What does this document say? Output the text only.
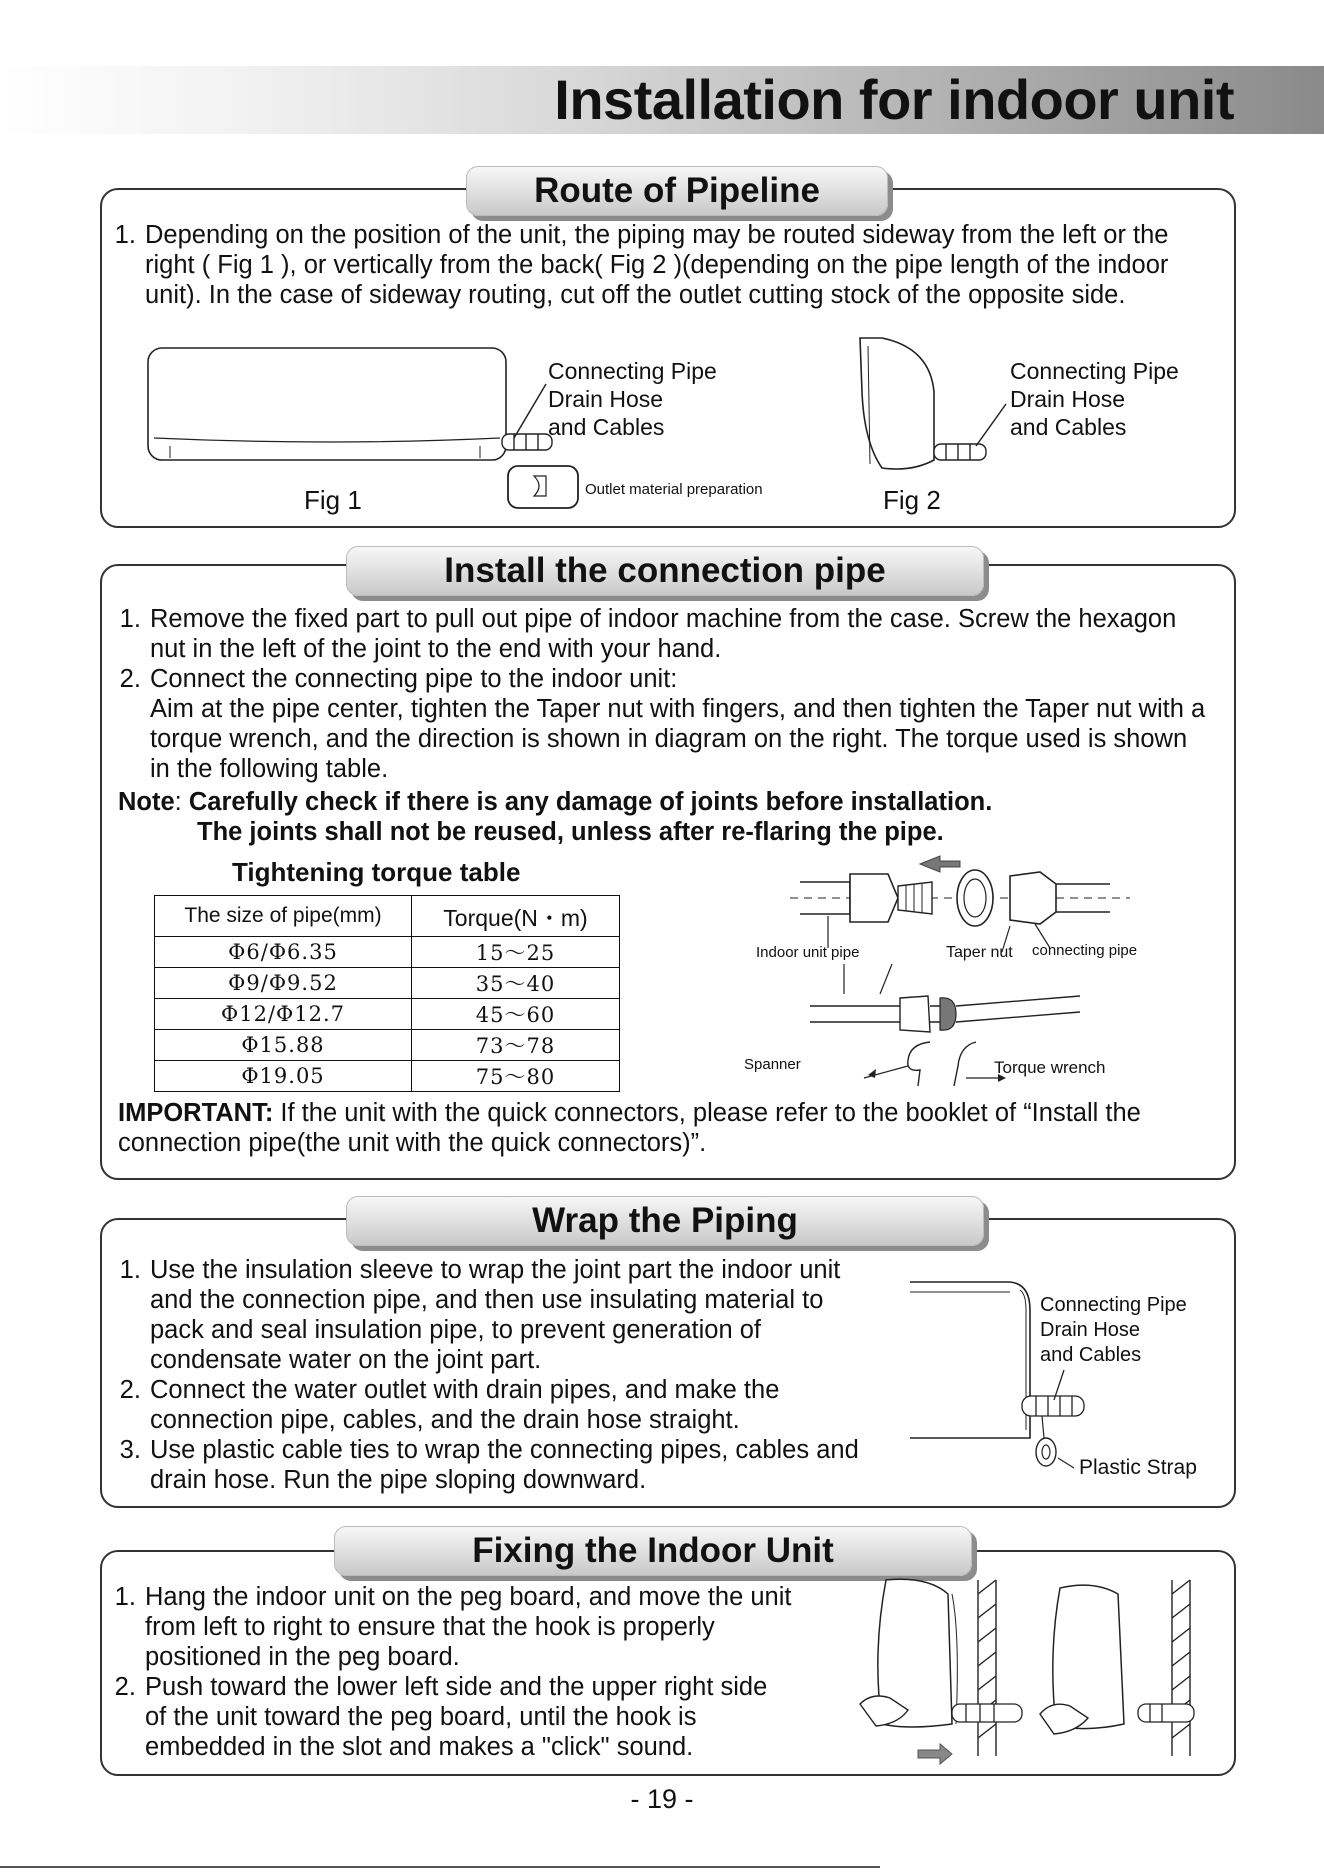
Installation for indoor unit
Route of Pipeline
1. Depending on the position of the unit, the piping may be routed sideway from the left or the right ( Fig 1 ), or vertically from the back( Fig 2 )(depending on the pipe length of the indoor unit). In the case of sideway routing, cut off the outlet cutting stock of the opposite side.
Connecting Pipe
Drain Hose
and Cables
Fig 1	Outlet material preparation
Connecting Pipe
Drain Hose
and Cables
Fig 2
Install the connection pipe
1. Remove the fixed part to pull out pipe of indoor machine from the case. Screw the hexagon nut in the left of the joint to the end with your hand.
2. Connect the connecting pipe to the indoor unit:
Aim at the pipe center, tighten the Taper nut with fingers, and then tighten the Taper nut with a torque wrench, and the direction is shown in diagram on the right. The torque used is shown in the following table.
Note: Carefully check if there is any damage of joints before installation.
The joints shall not be reused, unless after re-flaring the pipe.
Tightening torque table
The size of pipe(mm)	Torque(N・m)
Φ6/Φ6.35	15～25
Φ9/Φ9.52	35～40
Φ12/Φ12.7	45～60
Φ15.88	73～78
Φ19.05	75～80
Indoor unit pipe	Taper nut connecting pipe
Spanner	Torque wrench
IMPORTANT: If the unit with the quick connectors, please refer to the booklet of “Install the connection pipe(the unit with the quick connectors)”.
Wrap the Piping
1. Use the insulation sleeve to wrap the joint part the indoor unit and the connection pipe, and then use insulating material to pack and seal insulation pipe, to prevent generation of condensate water on the joint part.
2. Connect the water outlet with drain pipes, and make the connection pipe, cables, and the drain hose straight.
3. Use plastic cable ties to wrap the connecting pipes, cables and drain hose. Run the pipe sloping downward.
Connecting Pipe
Drain Hose
and Cables
Plastic Strap
Fixing the Indoor Unit
1. Hang the indoor unit on the peg board, and move the unit from left to right to ensure that the hook is properly positioned in the peg board.
2. Push toward the lower left side and the upper right side of the unit toward the peg board, until the hook is embedded in the slot and makes a "click" sound.
- 19 -
